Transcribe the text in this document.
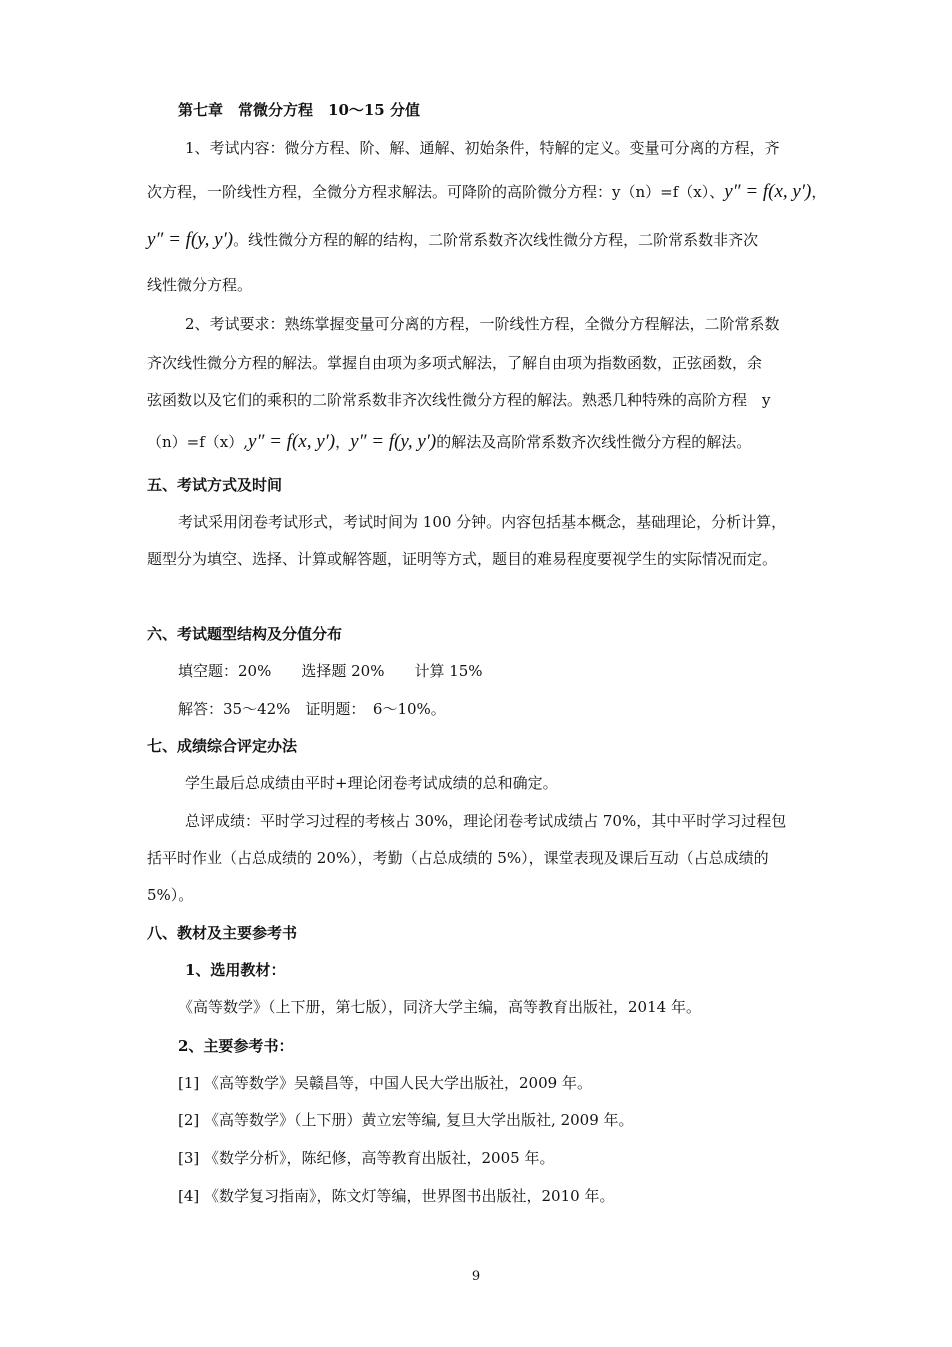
第七章　常微分方程　10～15 分值
1、考试内容：微分方程、阶、解、通解、初始条件，特解的定义。变量可分离的方程，齐
次方程，一阶线性方程，全微分方程求解法。可降阶的高阶微分方程：y（n）=f（x）、y″ = f(x, y′)，
y″ = f(y, y′)。线性微分方程的解的结构，二阶常系数齐次线性微分方程，二阶常系数非齐次
线性微分方程。
2、考试要求：熟练掌握变量可分离的方程，一阶线性方程，全微分方程解法，二阶常系数
齐次线性微分方程的解法。掌握自由项为多项式解法，了解自由项为指数函数，正弦函数，余
弦函数以及它们的乘积的二阶常系数非齐次线性微分方程的解法。熟悉几种特殊的高阶方程　y
（n）=f（x）,y″ = f(x, y′)，y″ = f(y, y′)的解法及高阶常系数齐次线性微分方程的解法。
五、考试方式及时间
考试采用闭卷考试形式，考试时间为 100 分钟。内容包括基本概念，基础理论，分析计算，
题型分为填空、选择、计算或解答题，证明等方式，题目的难易程度要视学生的实际情况而定。
六、考试题型结构及分值分布
填空题：20%　　选择题 20%　　计算 15%
解答：35～42%　证明题：　6～10%。
七、成绩综合评定办法
学生最后总成绩由平时+理论闭卷考试成绩的总和确定。
总评成绩：平时学习过程的考核占 30%，理论闭卷考试成绩占 70%，其中平时学习过程包
括平时作业（占总成绩的 20%），考勤（占总成绩的 5%），课堂表现及课后互动（占总成绩的
5%）。
八、教材及主要参考书
1、选用教材：
《高等数学》（上下册，第七版），同济大学主编，高等教育出版社，2014 年。
2、主要参考书：
[1] 《高等数学》吴赣昌等，中国人民大学出版社，2009 年。
[2] 《高等数学》（上下册）黄立宏等编, 复旦大学出版社, 2009 年。
[3] 《数学分析》，陈纪修，高等教育出版社，2005 年。
[4] 《数学复习指南》，陈文灯等编，世界图书出版社，2010 年。
9
